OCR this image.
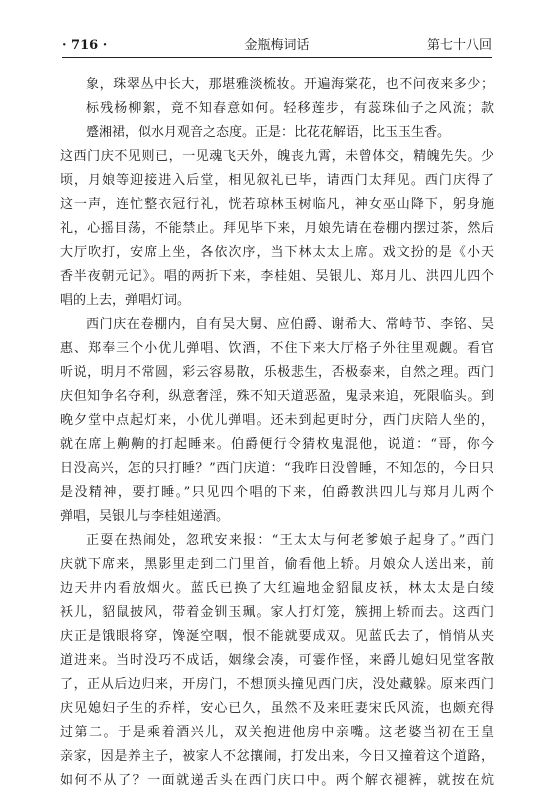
· 716 ·	金瓶梅词话	第七十八回
象，珠翠丛中长大，那堪雅淡梳妆。开遍海棠花，也不问夜来多少；
标残杨柳絮，竟不知春意如何。轻移莲步，有蕊珠仙子之风流；款
蹙湘裙，似水月观音之态度。正是：比花花解语，比玉玉生香。
这西门庆不见则已，一见魂飞天外，魄丧九霄，未曾体交，精魄先失。少
顷，月娘等迎接进入后堂，相见叙礼已毕，请西门太拜见。西门庆得了
这一声，连忙整衣冠行礼，恍若琼林玉树临凡，神女巫山降下，躬身施
礼，心摇目荡，不能禁止。拜见毕下来，月娘先请在卷棚内摆过茶，然后
大厅吹打，安席上坐，各依次序，当下林太太上席。戏文扮的是《小天
香半夜朝元记》。唱的两折下来，李桂姐、吴银儿、郑月儿、洪四儿四个
唱的上去，弹唱灯词。
西门庆在卷棚内，自有吴大舅、应伯爵、谢希大、常峙节、李铭、吴
惠、郑奉三个小优儿弹唱、饮酒，不住下来大厅格子外往里观觑。看官
听说，明月不常圆，彩云容易散，乐极悲生，否极泰来，自然之理。西门
庆但知争名夺利，纵意奢淫，殊不知天道恶盈，鬼录来追，死限临头。到
晚夕堂中点起灯来，小优儿弹唱。还未到起更时分，西门庆陪人坐的，
就在席上齁齁的打起睡来。伯爵便行令猜枚鬼混他，说道：“哥，你今
日没高兴，怎的只打睡？”西门庆道：“我昨日没曾睡，不知怎的，今日只
是没精神，要打睡。”只见四个唱的下来，伯爵教洪四儿与郑月儿两个
弹唱，吴银儿与李桂姐递酒。
正耍在热闹处，忽玳安来报：“王太太与何老爹娘子起身了。”西门
庆就下席来，黑影里走到二门里首，偷看他上轿。月娘众人送出来，前
边天井内看放烟火。蓝氏已换了大红遍地金貂鼠皮袄，林太太是白绫
袄儿，貂鼠披风，带着金钏玉珮。家人打灯笼，簇拥上轿而去。这西门
庆正是饿眼将穿，馋涎空咽，恨不能就要成双。见蓝氏去了，悄悄从夹
道进来。当时没巧不成话，姻缘会凑，可霎作怪，来爵儿媳妇见堂客散
了，正从后边归来，开房门，不想顶头撞见西门庆，没处藏躲。原来西门
庆见媳妇子生的乔样，安心已久，虽然不及来旺妻宋氏风流，也颇充得
过第二。于是乘着酒兴儿，双关抱进他房中亲嘴。这老婆当初在王皇
亲家，因是养主子，被家人不忿攘闹，打发出来，今日又撞着这个道路，
如何不从了？一面就递舌头在西门庆口中。两个解衣褪裤，就按在炕
